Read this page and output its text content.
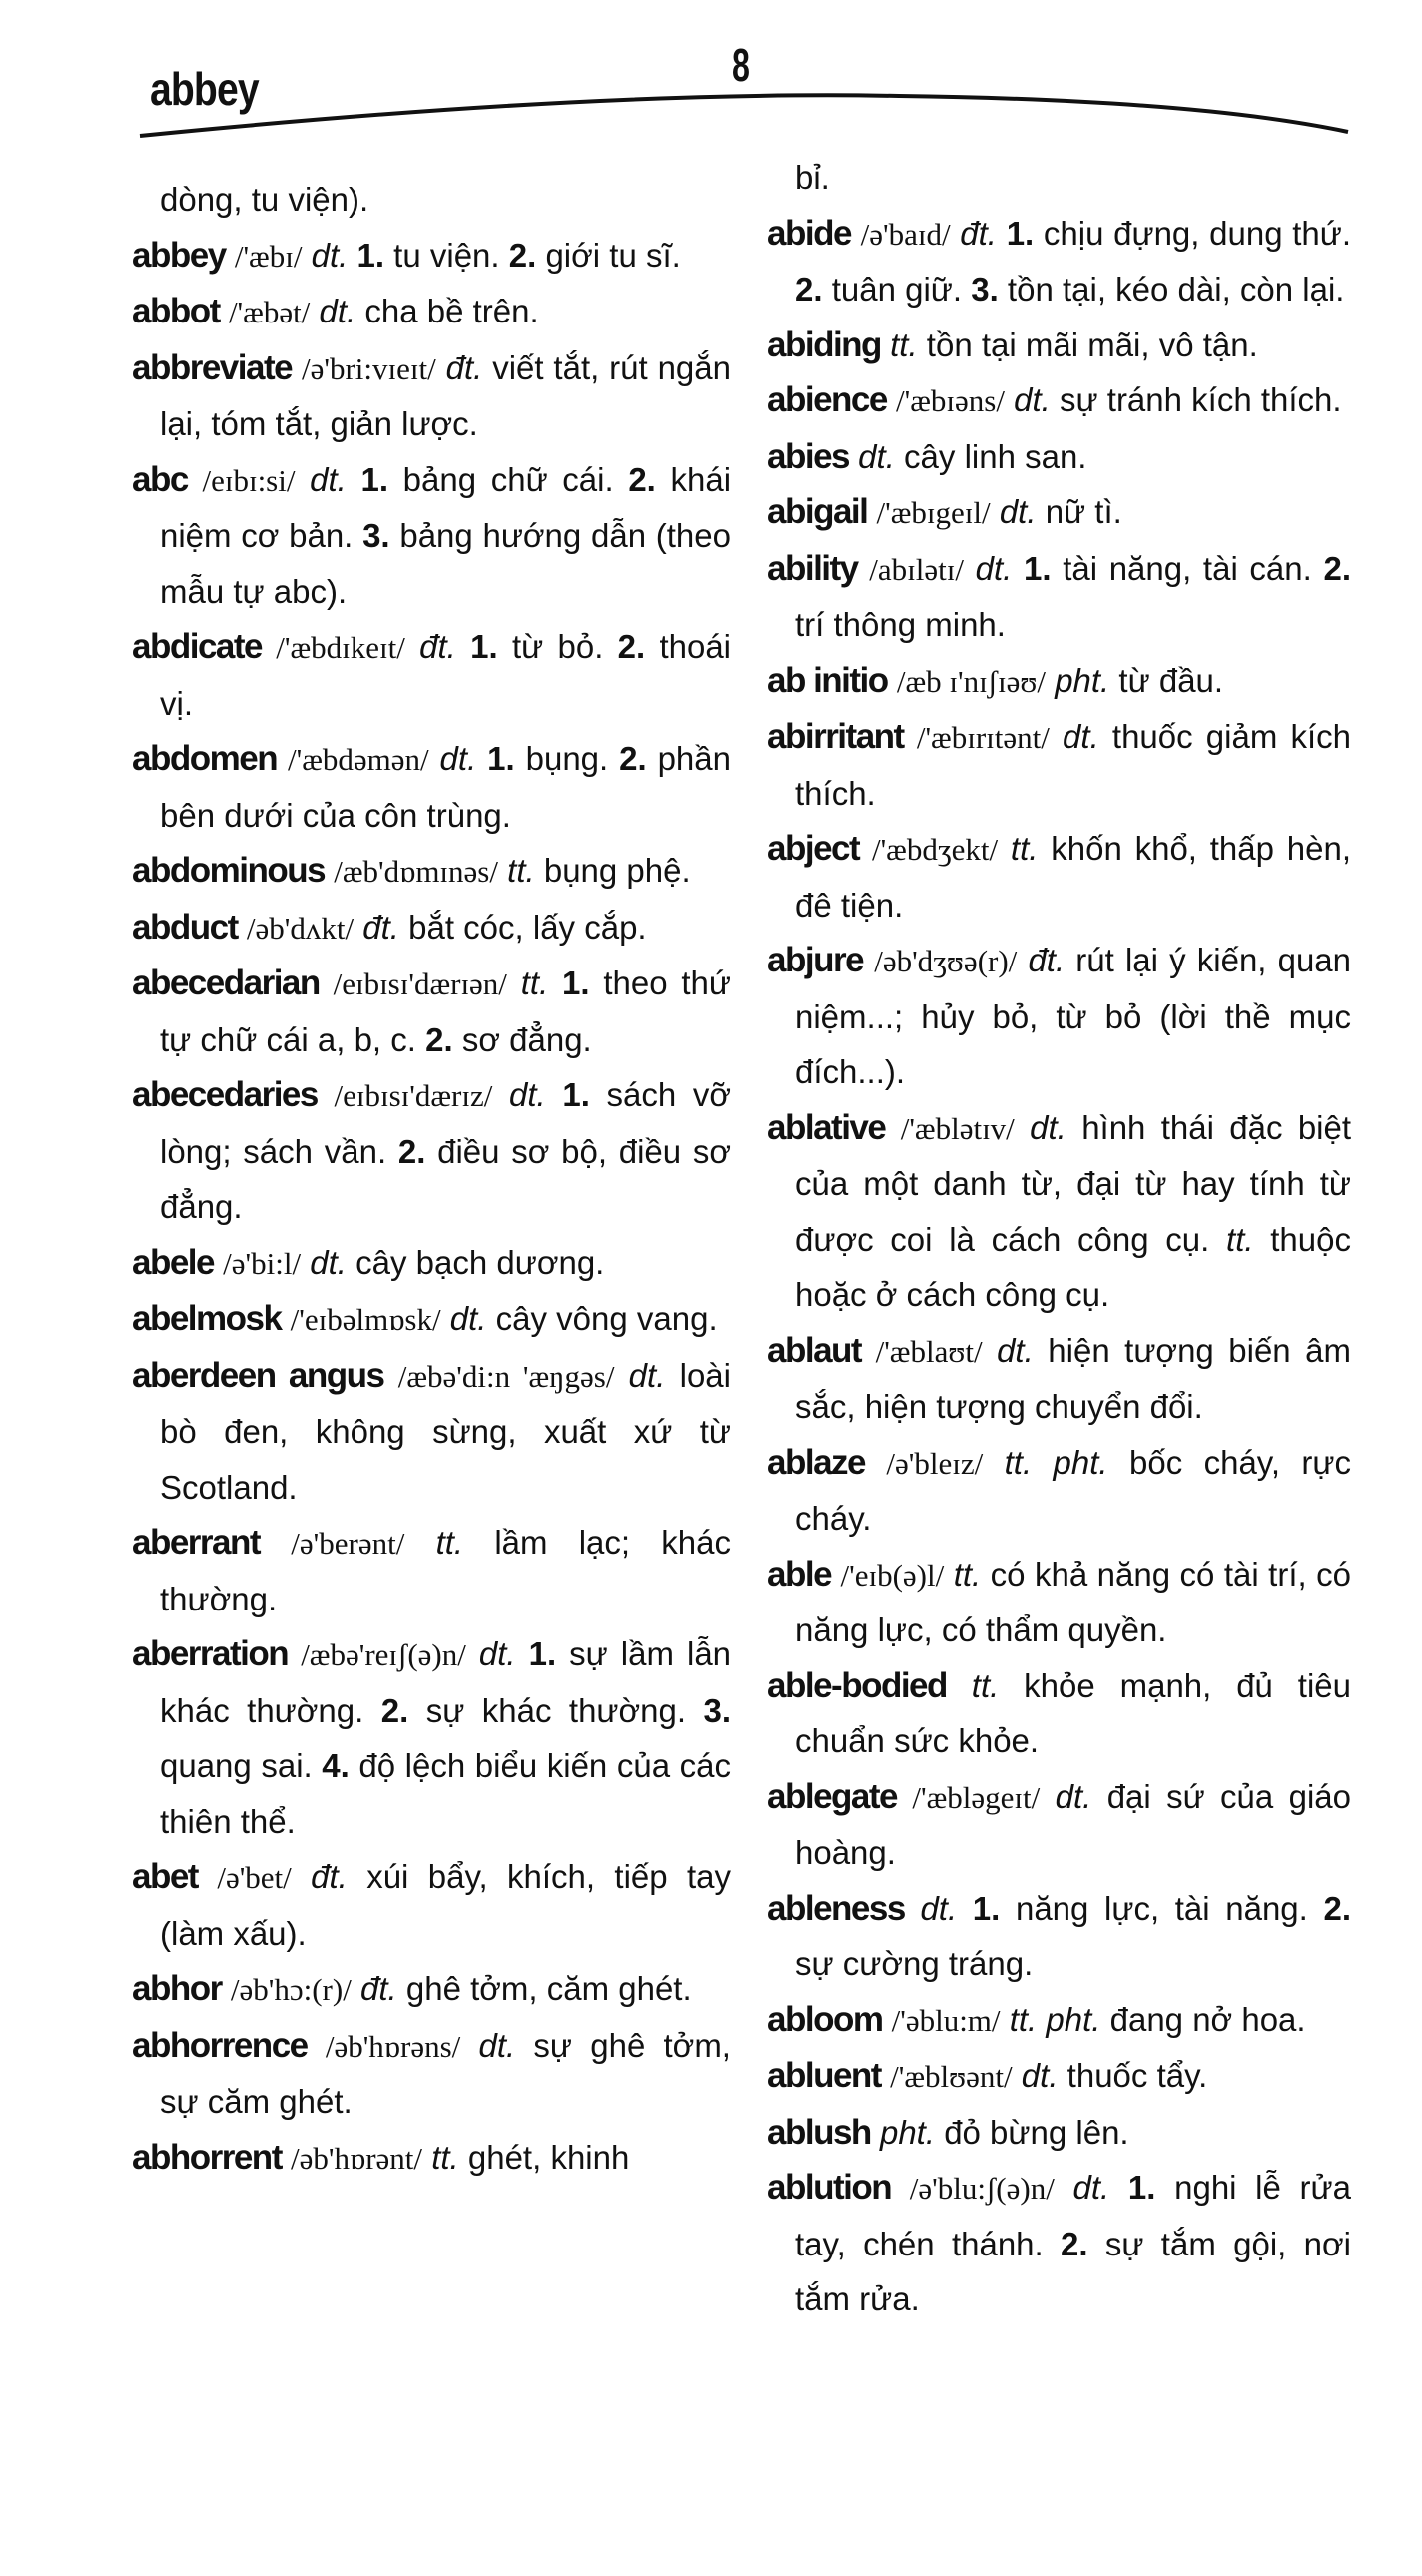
abbey	8

dòng, tu viện).

abbey /'æbɪ/ dt. 1. tu viện. 2. giới tu sĩ.

abbot /'æbət/ dt. cha bề trên.

abbreviate /ə'bri:vɪeɪt/ đt. viết tắt, rút ngắn lại, tóm tắt, giản lược.

abc /eɪbɪ:si/ dt. 1. bảng chữ cái. 2. khái niệm cơ bản. 3. bảng hướng dẫn (theo mẫu tự abc).

abdicate /'æbdɪkeɪt/ đt. 1. từ bỏ. 2. thoái vị.

abdomen /'æbdəmən/ dt. 1. bụng. 2. phần bên dưới của côn trùng.

abdominous /æb'dɒmɪnəs/ tt. bụng phệ.

abduct /əb'dʌkt/ đt. bắt cóc, lấy cắp.

abecedarian /eɪbɪsɪ'dærɪən/ tt. 1. theo thứ tự chữ cái a, b, c. 2. sơ đẳng.

abecedaries /eɪbɪsɪ'dærɪz/ dt. 1. sách vỡ lòng; sách vần. 2. điều sơ bộ, điều sơ đẳng.

abele /ə'bi:l/ dt. cây bạch dương.

abelmosk /'eɪbəlmɒsk/ dt. cây vông vang.

aberdeen angus /æbə'di:n 'æŋgəs/ dt. loài bò đen, không sừng, xuất xứ từ Scotland.

aberrant /ə'berənt/ tt. lầm lạc; khác thường.

aberration /æbə'reɪʃ(ə)n/ dt. 1. sự lầm lẫn khác thường. 2. sự khác thường. 3. quang sai. 4. độ lệch biểu kiến của các thiên thể.

abet /ə'bet/ đt. xúi bẩy, khích, tiếp tay (làm xấu).

abhor /əb'hɔ:(r)/ đt. ghê tởm, căm ghét.

abhorrence /əb'hɒrəns/ dt. sự ghê tởm, sự căm ghét.

abhorrent /əb'hɒrənt/ tt. ghét, khinh

bỉ.

abide /ə'baɪd/ đt. 1. chịu đựng, dung thứ. 2. tuân giữ. 3. tồn tại, kéo dài, còn lại.

abiding tt. tồn tại mãi mãi, vô tận.

abience /'æbɪəns/ dt. sự tránh kích thích.

abies dt. cây linh san.

abigail /'æbɪgeɪl/ dt. nữ tì.

ability /abɪlətɪ/ dt. 1. tài năng, tài cán. 2. trí thông minh.

ab initio /æb ɪ'nɪʃɪəʊ/ pht. từ đầu.

abirritant /'æbɪrɪtənt/ dt. thuốc giảm kích thích.

abject /'æbdʒekt/ tt. khốn khổ, thấp hèn, đê tiện.

abjure /əb'dʒʊə(r)/ đt. rút lại ý kiến, quan niệm...; hủy bỏ, từ bỏ (lời thề mục đích...).

ablative /'æblətɪv/ dt. hình thái đặc biệt của một danh từ, đại từ hay tính từ được coi là cách công cụ. tt. thuộc hoặc ở cách công cụ.

ablaut /'æblaʊt/ dt. hiện tượng biến âm sắc, hiện tượng chuyển đổi.

ablaze /ə'bleɪz/ tt. pht. bốc cháy, rực cháy.

able /'eɪb(ə)l/ tt. có khả năng có tài trí, có năng lực, có thẩm quyền.

able-bodied tt. khỏe mạnh, đủ tiêu chuẩn sức khỏe.

ablegate /'æbləgeɪt/ dt. đại sứ của giáo hoàng.

ableness dt. 1. năng lực, tài năng. 2. sự cường tráng.

abloom /'əblu:m/ tt. pht. đang nở hoa.

abluent /'æblʊənt/ dt. thuốc tẩy.

ablush pht. đỏ bừng lên.

ablution /ə'blu:ʃ(ə)n/ dt. 1. nghi lễ rửa tay, chén thánh. 2. sự tắm gội, nơi tắm rửa.
